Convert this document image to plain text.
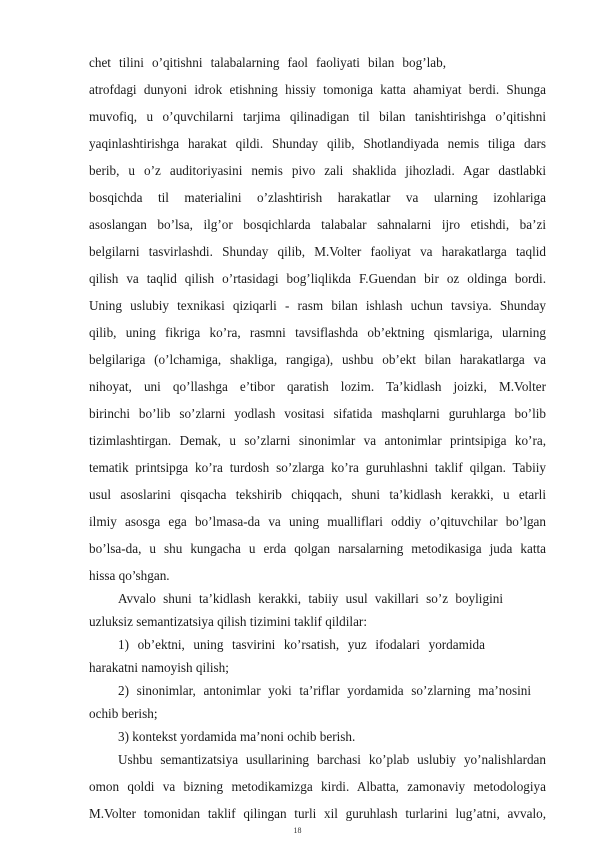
chet tilini o’qitishni talabalarning faol faoliyati bilan bog’lab,
atrofdagi dunyoni idrok etishning hissiy tomoniga katta ahamiyat berdi. Shunga
muvofiq, u o’quvchilarni tarjima qilinadigan til bilan tanishtirishga o’qitishni
yaqinlashtirishga harakat qildi. Shunday qilib, Shotlandiyada nemis tiliga dars
berib, u o’z auditoriyasini nemis pivo zali shaklida jihozladi. Agar dastlabki
bosqichda til materialini o’zlashtirish harakatlar va ularning izohlariga
asoslangan bo’lsa, ilg’or bosqichlarda talabalar sahnalarni ijro etishdi, ba’zi
belgilarni tasvirlashdi. Shunday qilib, M.Volter faoliyat va harakatlarga taqlid
qilish va taqlid qilish o’rtasidagi bog’liqlikda F.Guendan bir oz oldinga bordi.
Uning uslubiy texnikasi qiziqarli - rasm bilan ishlash uchun tavsiya. Shunday
qilib, uning fikriga ko’ra, rasmni tavsiflashda ob’ektning qismlariga, ularning
belgilariga (o’lchamiga, shakliga, rangiga), ushbu ob’ekt bilan harakatlarga va
nihoyat, uni qo’llashga e’tibor qaratish lozim. Ta’kidlash joizki, M.Volter
birinchi bo’lib so’zlarni yodlash vositasi sifatida mashqlarni guruhlarga bo’lib
tizimlashtirgan. Demak, u so’zlarni sinonimlar va antonimlar printsipiga ko’ra,
tematik printsipga ko’ra turdosh so’zlarga ko’ra guruhlashni taklif qilgan. Tabiiy
usul asoslarini qisqacha tekshirib chiqqach, shuni ta’kidlash kerakki, u etarli
ilmiy asosga ega bo’lmasa-da va uning mualliflari oddiy o’qituvchilar bo’lgan
bo’lsa-da, u shu kungacha u erda qolgan narsalarning metodikasiga juda katta
hissa qo’shgan.
Avvalo shuni ta’kidlash kerakki, tabiiy usul vakillari so’z boyligini
uzluksiz semantizatsiya qilish tizimini taklif qildilar:
1) ob’ektni, uning tasvirini ko’rsatish, yuz ifodalari yordamida
harakatni namoyish qilish;
2) sinonimlar, antonimlar yoki ta’riflar yordamida so’zlarning ma’nosini
ochib berish;
3) kontekst yordamida ma’noni ochib berish.
Ushbu semantizatsiya usullarining barchasi ko’plab uslubiy yo’nalishlardan
omon qoldi va bizning metodikamizga kirdi. Albatta, zamonaviy metodologiya
M.Volter tomonidan taklif qilingan turli xil guruhlash turlarini lug’atni, avvalo,
18
